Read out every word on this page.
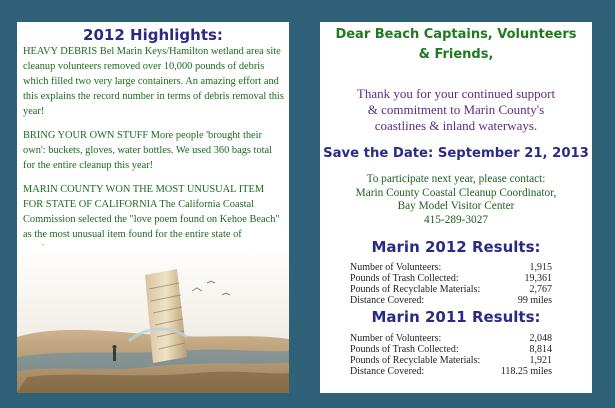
2012 Highlights:
HEAVY DEBRIS Bel Marin Keys/Hamilton wetland area site cleanup volunteers removed over 10,000 pounds of debris which filled two very large containers. An amazing effort and this explains the record number in terms of debris removal this year!
BRING YOUR OWN STUFF More people 'brought their own': buckets, gloves, water bottles. We used 360 bags total for the entire cleanup this year!
MARIN COUNTY WON THE MOST UNUSUAL ITEM FOR STATE OF CALIFORNIA The California Coastal Commission selected the "love poem found on Kehoe Beach" as the most unusual item found for the entire state of
Dear Beach Captains, Volunteers
& Friends,
Thank you for your continued support
& commitment to Marin County's
coastlines & inland waterways.
Save the Date: September 21, 2013
To participate next year, please contact:
Marin County Coastal Cleanup Coordinator,
Bay Model Visitor Center
415-289-3027
Marin 2012 Results:
Number of Volunteers:	1,915
Pounds of Trash Collected:	19,361
Pounds of Recyclable Materials:	2,767
Distance Covered:	99 miles
Marin 2011 Results:
Number of Volunteers:	2,048
Pounds of Trash Collected:	8,814
Pounds of Recyclable Materials:	1,921
Distance Covered:	118.25 miles
